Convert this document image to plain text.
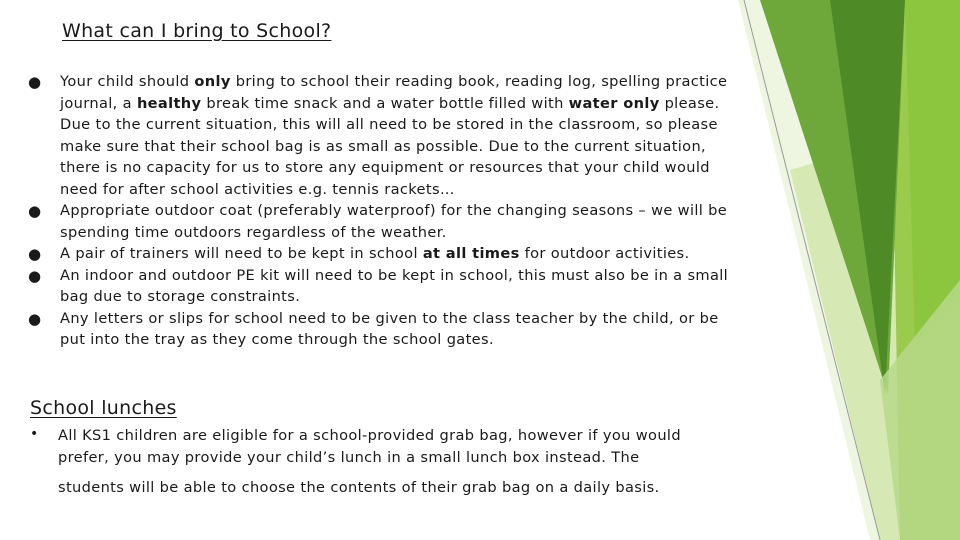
What can I bring to School?
● Your child should only bring to school their reading book, reading log, spelling practice journal, a healthy break time snack and a water bottle filled with water only please. Due to the current situation, this will all need to be stored in the classroom, so please make sure that their school bag is as small as possible. Due to the current situation, there is no capacity for us to store any equipment or resources that your child would need for after school activities e.g. tennis rackets…
● Appropriate outdoor coat (preferably waterproof) for the changing seasons – we will be spending time outdoors regardless of the weather.
● A pair of trainers will need to be kept in school at all times for outdoor activities.
● An indoor and outdoor PE kit will need to be kept in school, this must also be in a small bag due to storage constraints.
● Any letters or slips for school need to be given to the class teacher by the child, or be put into the tray as they come through the school gates.
School lunches
• All KS1 children are eligible for a school-provided grab bag, however if you would
prefer, you may provide your child’s lunch in a small lunch box instead. The
students will be able to choose the contents of their grab bag on a daily basis.
